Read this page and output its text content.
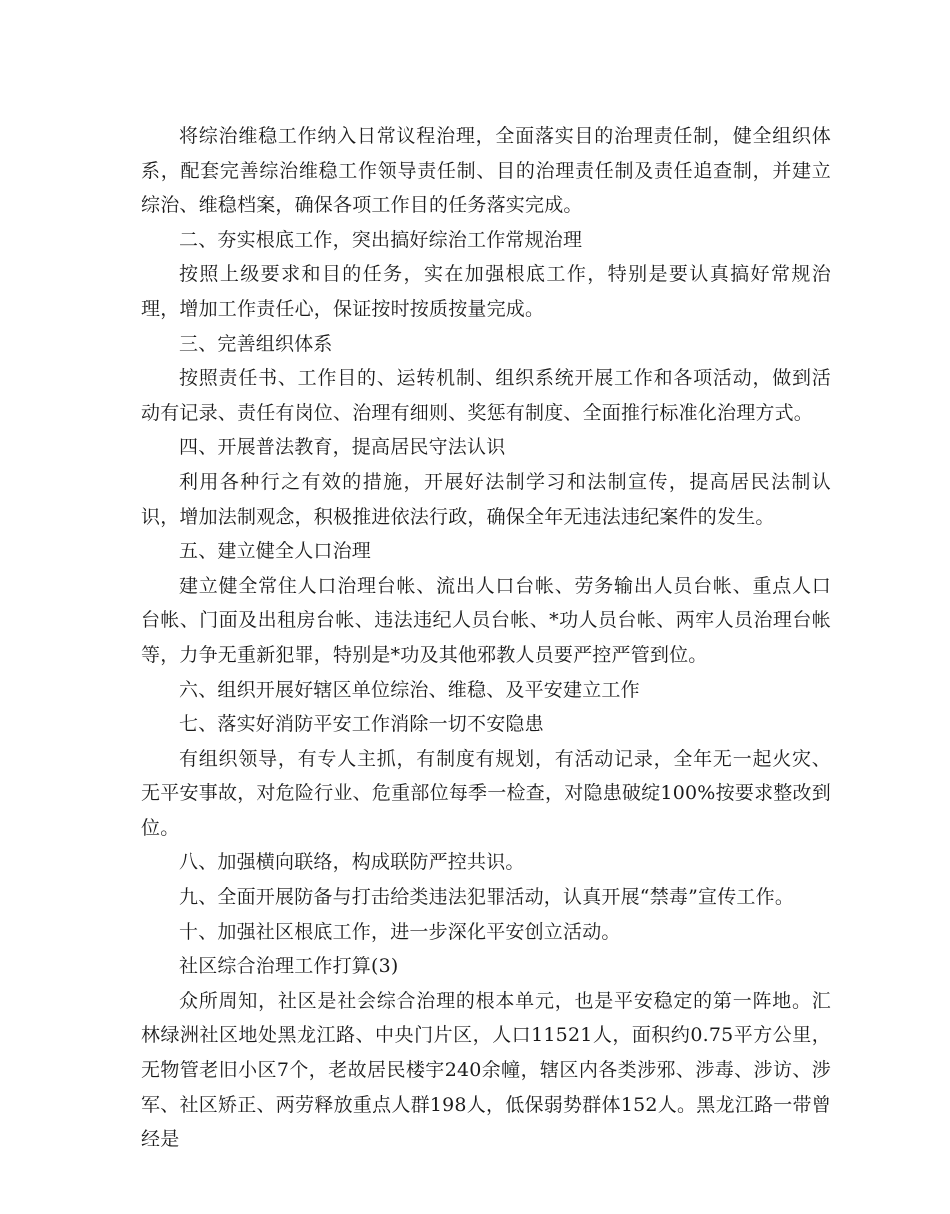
将综治维稳工作纳入日常议程治理，全面落实目的治理责任制，健全组织体系，配套完善综治维稳工作领导责任制、目的治理责任制及责任追查制，并建立综治、维稳档案，确保各项工作目的任务落实完成。

二、夯实根底工作，突出搞好综治工作常规治理

按照上级要求和目的任务，实在加强根底工作，特别是要认真搞好常规治理，增加工作责任心，保证按时按质按量完成。

三、完善组织体系

按照责任书、工作目的、运转机制、组织系统开展工作和各项活动，做到活动有记录、责任有岗位、治理有细则、奖惩有制度、全面推行标准化治理方式。

四、开展普法教育，提高居民守法认识

利用各种行之有效的措施，开展好法制学习和法制宣传，提高居民法制认识，增加法制观念，积极推进依法行政，确保全年无违法违纪案件的发生。

五、建立健全人口治理

建立健全常住人口治理台帐、流出人口台帐、劳务输出人员台帐、重点人口台帐、门面及出租房台帐、违法违纪人员台帐、*功人员台帐、两牢人员治理台帐等，力争无重新犯罪，特别是*功及其他邪教人员要严控严管到位。

六、组织开展好辖区单位综治、维稳、及平安建立工作

七、落实好消防平安工作消除一切不安隐患

有组织领导，有专人主抓，有制度有规划，有活动记录，全年无一起火灾、无平安事故，对危险行业、危重部位每季一检查，对隐患破绽100%按要求整改到位。

八、加强横向联络，构成联防严控共识。

九、全面开展防备与打击给类违法犯罪活动，认真开展“禁毒”宣传工作。

十、加强社区根底工作，进一步深化平安创立活动。

社区综合治理工作打算(3)

众所周知，社区是社会综合治理的根本单元，也是平安稳定的第一阵地。汇林绿洲社区地处黑龙江路、中央门片区，人口11521人，面积约0.75平方公里，无物管老旧小区7个，老故居民楼宇240余幢，辖区内各类涉邪、涉毒、涉访、涉军、社区矫正、两劳释放重点人群198人，低保弱势群体152人。黑龙江路一带曾经是
